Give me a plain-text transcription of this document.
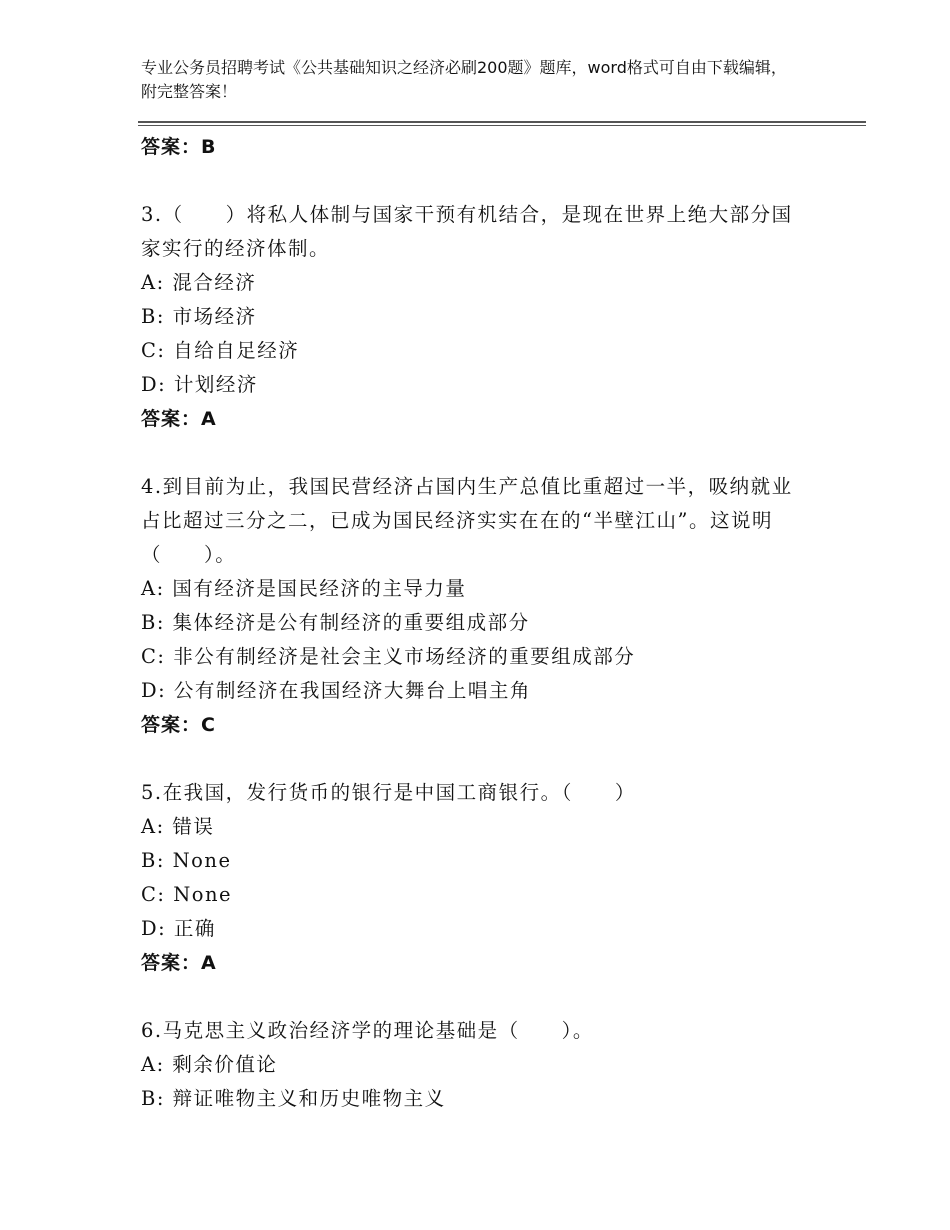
专业公务员招聘考试《公共基础知识之经济必刷200题》题库，word格式可自由下载编辑，附完整答案！
答案：B
3.（　　）将私人体制与国家干预有机结合，是现在世界上绝大部分国家实行的经济体制。
A: 混合经济
B: 市场经济
C: 自给自足经济
D: 计划经济
答案：A
4.到目前为止，我国民营经济占国内生产总值比重超过一半，吸纳就业占比超过三分之二，已成为国民经济实实在在的“半壁江山”。这说明（　　）。
A: 国有经济是国民经济的主导力量
B: 集体经济是公有制经济的重要组成部分
C: 非公有制经济是社会主义市场经济的重要组成部分
D: 公有制经济在我国经济大舞台上唱主角
答案：C
5.在我国，发行货币的银行是中国工商银行。（　　）
A: 错误
B: None
C: None
D: 正确
答案：A
6.马克思主义政治经济学的理论基础是（　　）。
A: 剩余价值论
B: 辩证唯物主义和历史唯物主义
